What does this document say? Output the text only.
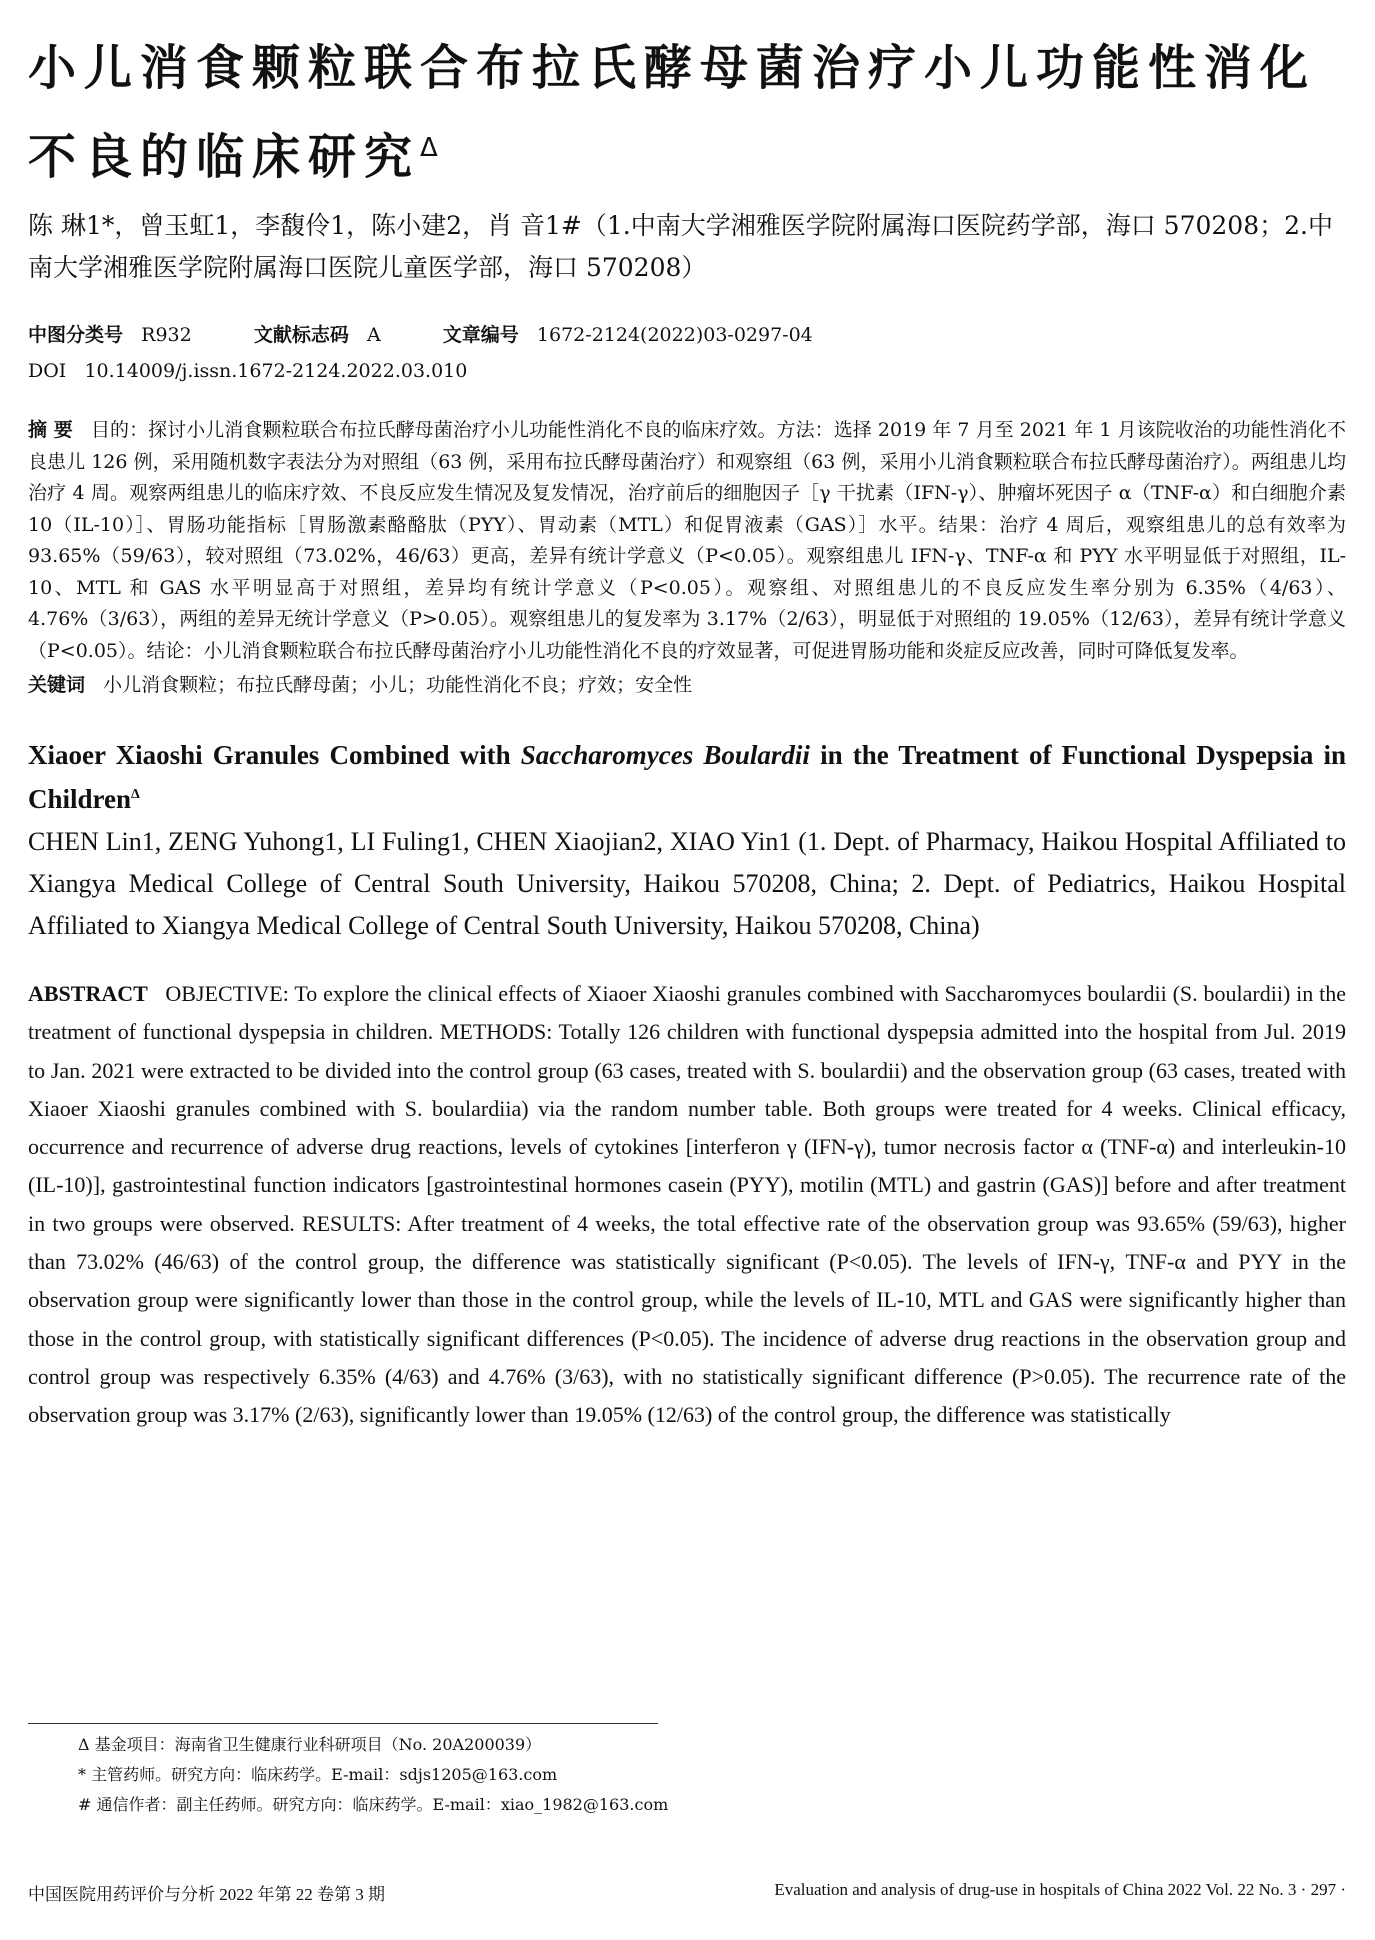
小儿消食颗粒联合布拉氏酵母菌治疗小儿功能性消化不良的临床研究$^\Delta$
陈 琳1*，曾玉虹1，李馥伶1，陈小建2，肖 音1#（1.中南大学湘雅医学院附属海口医院药学部，海口 570208；2.中南大学湘雅医学院附属海口医院儿童医学部，海口 570208）
中图分类号 R932	文献标志码 A	文章编号 1672-2124(2022)03-0297-04
DOI 10.14009/j.issn.1672-2124.2022.03.010
摘 要 目的：探讨小儿消食颗粒联合布拉氏酵母菌治疗小儿功能性消化不良的临床疗效。方法：选择 2019 年 7 月至 2021 年 1 月该院收治的功能性消化不良患儿 126 例，采用随机数字表法分为对照组（63 例，采用布拉氏酵母菌治疗）和观察组（63 例，采用小儿消食颗粒联合布拉氏酵母菌治疗）。两组患儿均治疗 4 周。观察两组患儿的临床疗效、不良反应发生情况及复发情况，治疗前后的细胞因子［γ 干扰素（IFN-γ）、肿瘤坏死因子 α（TNF-α）和白细胞介素 10（IL-10）］、胃肠功能指标［胃肠激素酪酪肽（PYY）、胃动素（MTL）和促胃液素（GAS）］水平。结果：治疗 4 周后，观察组患儿的总有效率为 93.65%（59/63），较对照组（73.02%，46/63）更高，差异有统计学意义（P<0.05）。观察组患儿 IFN-γ、TNF-α 和 PYY 水平明显低于对照组，IL-10、MTL 和 GAS 水平明显高于对照组，差异均有统计学意义（P<0.05）。观察组、对照组患儿的不良反应发生率分别为 6.35%（4/63）、4.76%（3/63），两组的差异无统计学意义（P>0.05）。观察组患儿的复发率为 3.17%（2/63），明显低于对照组的 19.05%（12/63），差异有统计学意义（P<0.05）。结论：小儿消食颗粒联合布拉氏酵母菌治疗小儿功能性消化不良的疗效显著，可促进胃肠功能和炎症反应改善，同时可降低复发率。
关键词 小儿消食颗粒；布拉氏酵母菌；小儿；功能性消化不良；疗效；安全性
Xiaoer Xiaoshi Granules Combined with Saccharomyces Boulardii in the Treatment of Functional Dyspepsia in Children$^\Delta$
CHEN Lin1, ZENG Yuhong1, LI Fuling1, CHEN Xiaojian2, XIAO Yin1 (1. Dept. of Pharmacy, Haikou Hospital Affiliated to Xiangya Medical College of Central South University, Haikou 570208, China; 2. Dept. of Pediatrics, Haikou Hospital Affiliated to Xiangya Medical College of Central South University, Haikou 570208, China)
ABSTRACT OBJECTIVE: To explore the clinical effects of Xiaoer Xiaoshi granules combined with Saccharomyces boulardii (S. boulardii) in the treatment of functional dyspepsia in children. METHODS: Totally 126 children with functional dyspepsia admitted into the hospital from Jul. 2019 to Jan. 2021 were extracted to be divided into the control group (63 cases, treated with S. boulardii) and the observation group (63 cases, treated with Xiaoer Xiaoshi granules combined with S. boulardiia) via the random number table. Both groups were treated for 4 weeks. Clinical efficacy, occurrence and recurrence of adverse drug reactions, levels of cytokines [interferon γ (IFN-γ), tumor necrosis factor α (TNF-α) and interleukin-10 (IL-10)], gastrointestinal function indicators [gastrointestinal hormones casein (PYY), motilin (MTL) and gastrin (GAS)] before and after treatment in two groups were observed. RESULTS: After treatment of 4 weeks, the total effective rate of the observation group was 93.65% (59/63), higher than 73.02% (46/63) of the control group, the difference was statistically significant (P<0.05). The levels of IFN-γ, TNF-α and PYY in the observation group were significantly lower than those in the control group, while the levels of IL-10, MTL and GAS were significantly higher than those in the control group, with statistically significant differences (P<0.05). The incidence of adverse drug reactions in the observation group and control group was respectively 6.35% (4/63) and 4.76% (3/63), with no statistically significant difference (P>0.05). The recurrence rate of the observation group was 3.17% (2/63), significantly lower than 19.05% (12/63) of the control group, the difference was statistically
Δ 基金项目：海南省卫生健康行业科研项目（No. 20A200039）
* 主管药师。研究方向：临床药学。E-mail：sdjs1205@163.com
# 通信作者：副主任药师。研究方向：临床药学。E-mail：xiao_1982@163.com
中国医院用药评价与分析 2022 年第 22 卷第 3 期	Evaluation and analysis of drug-use in hospitals of China 2022 Vol. 22 No. 3 · 297 ·
